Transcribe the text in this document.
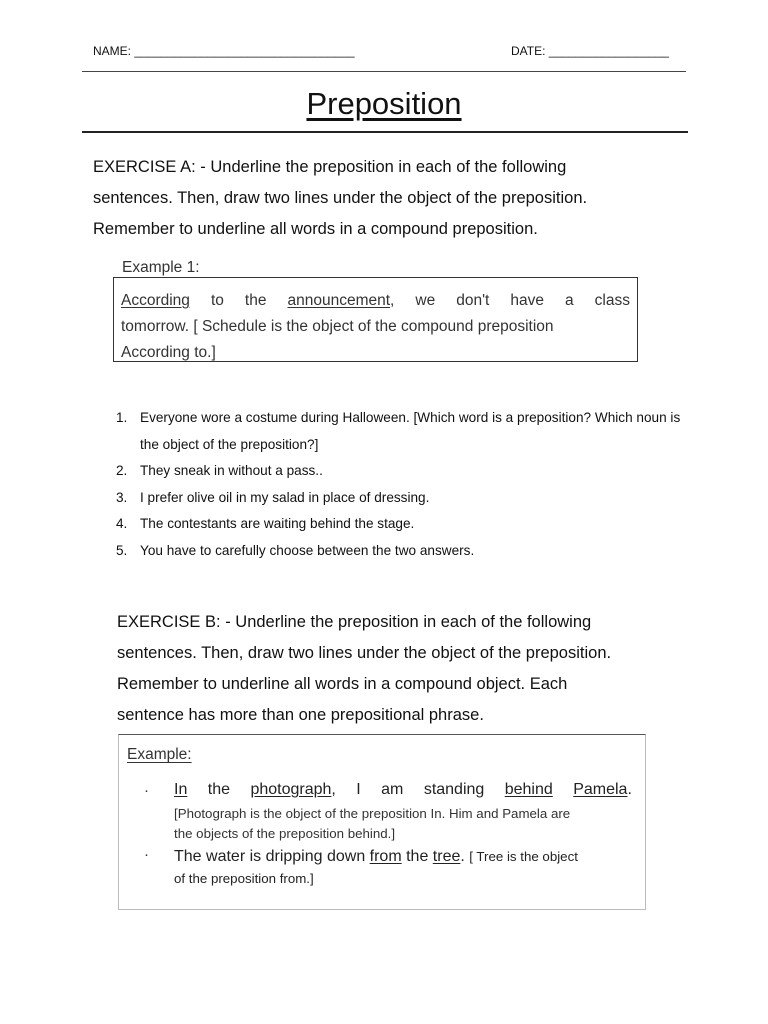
NAME: _________________________________	DATE: __________________
Preposition
EXERCISE A: - Underline the preposition in each of the following
sentences. Then, draw two lines under the object of the preposition.
Remember to underline all words in a compound preposition.
Example 1:
According to the announcement, we don't have a class
tomorrow. [ Schedule is the object of the compound preposition
According to.]
1. Everyone wore a costume during Halloween. [Which word is a preposition? Which noun is the object of the preposition?]
2. They sneak in without a pass..
3. I prefer olive oil in my salad in place of dressing.
4. The contestants are waiting behind the stage.
5. You have to carefully choose between the two answers.
EXERCISE B: - Underline the preposition in each of the following
sentences. Then, draw two lines under the object of the preposition.
Remember to underline all words in a compound object. Each
sentence has more than one prepositional phrase.
Example:
· In the photograph, I am standing behind Pamela.
[Photograph is the object of the preposition In. Him and Pamela are
the objects of the preposition behind.]
· The water is dripping down from the tree. [ Tree is the object
of the preposition from.]
